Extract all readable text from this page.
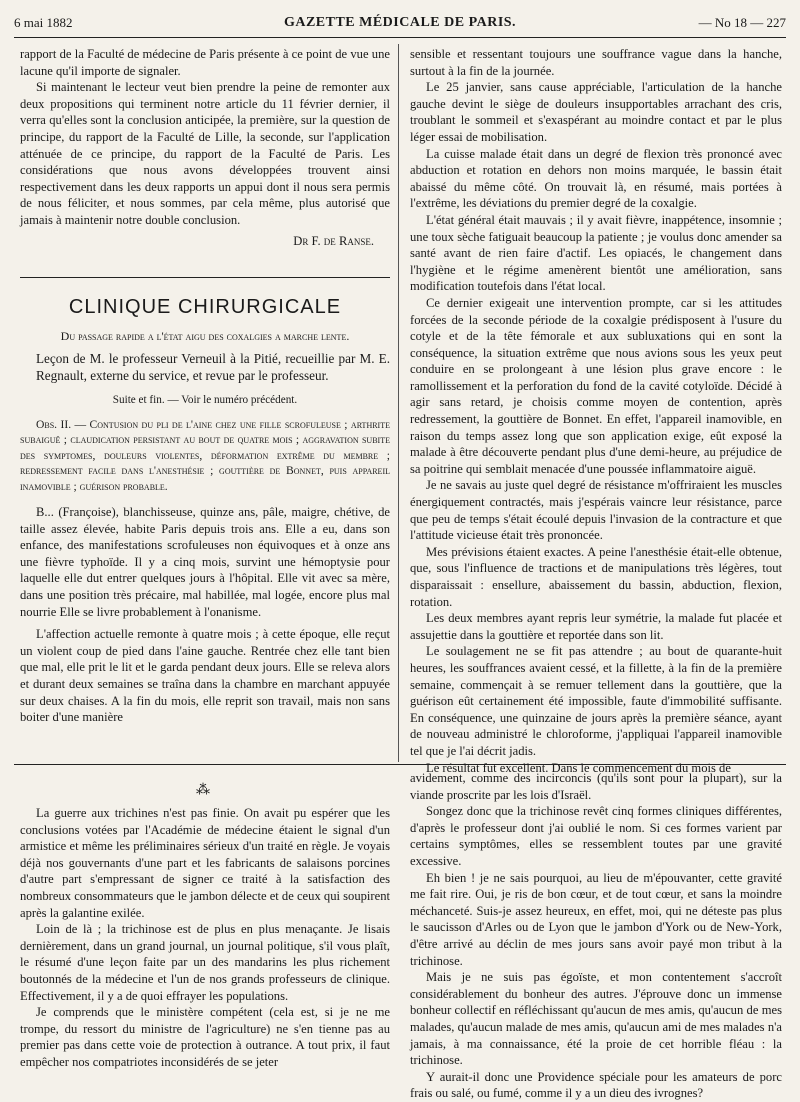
6 mai 1882	GAZETTE MÉDICALE DE PARIS.	— No 18 — 227

rapport de la Faculté de médecine de Paris présente à ce point de vue une lacune qu'il importe de signaler.

Si maintenant le lecteur veut bien prendre la peine de remonter aux deux propositions qui terminent notre article du 11 février dernier, il verra qu'elles sont la conclusion anticipée, la première, sur la question de principe, du rapport de la Faculté de Lille, la seconde, sur l'application atténuée de ce principe, du rapport de la Faculté de Paris. Les considérations que nous avons développées trouvent ainsi respectivement dans les deux rapports un appui dont il nous sera permis de nous féliciter, et nous sommes, par cela même, plus autorisé que jamais à maintenir notre double conclusion.

Dr F. de Ranse.

CLINIQUE CHIRURGICALE

Du passage rapide a l'état aigu des coxalgies a marche lente.

Leçon de M. le professeur Verneuil à la Pitié, recueillie par M. E. Regnault, externe du service, et revue par le professeur.

Suite et fin. — Voir le numéro précédent.

Obs. II. — Contusion du pli de l'aine chez une fille scrofuleuse ; arthrite subaiguë ; claudication persistant au bout de quatre mois ; aggravation subite des symptomes, douleurs violentes, déformation extrême du membre ; redressement facile dans l'anesthésie ; gouttière de Bonnet, puis appareil inamovible ; guérison probable.

B... (Françoise), blanchisseuse, quinze ans, pâle, maigre, chétive, de taille assez élevée, habite Paris depuis trois ans. Elle a eu, dans son enfance, des manifestations scrofuleuses non équivoques et à onze ans une fièvre typhoïde. Il y a cinq mois, survint une hémoptysie pour laquelle elle dut entrer quelques jours à l'hôpital. Elle vit avec sa mère, dans une position très précaire, mal habillée, mal logée, encore plus mal nourrie Elle se livre probablement à l'onanisme.

L'affection actuelle remonte à quatre mois ; à cette époque, elle reçut un violent coup de pied dans l'aine gauche. Rentrée chez elle tant bien que mal, elle prit le lit et le garda pendant deux jours. Elle se releva alors et durant deux semaines se traîna dans la chambre en marchant appuyée sur deux chaises. A la fin du mois, elle reprit son travail, mais non sans boiter d'une manière

sensible et ressentant toujours une souffrance vague dans la hanche, surtout à la fin de la journée.

Le 25 janvier, sans cause appréciable, l'articulation de la hanche gauche devint le siège de douleurs insupportables arrachant des cris, troublant le sommeil et s'exaspérant au moindre contact et par le plus léger essai de mobilisation.

La cuisse malade était dans un degré de flexion très prononcé avec abduction et rotation en dehors non moins marquée, le bassin était abaissé du même côté. On trouvait là, en résumé, mais portées à l'extrême, les déviations du premier degré de la coxalgie.

L'état général était mauvais ; il y avait fièvre, inappétence, insomnie ; une toux sèche fatiguait beaucoup la patiente ; je voulus donc amender sa santé avant de rien faire d'actif. Les opiacés, le changement dans l'hygiène et le régime amenèrent bientôt une amélioration, sans modification toutefois dans l'état local.

Ce dernier exigeait une intervention prompte, car si les attitudes forcées de la seconde période de la coxalgie prédisposent à l'usure du cotyle et de la tête fémorale et aux subluxations qui en sont la conséquence, la situation extrême que nous avions sous les yeux peut conduire en se prolongeant à une lésion plus grave encore : le ramollissement et la perforation du fond de la cavité cotyloïde. Décidé à agir sans retard, je choisis comme moyen de contention, après redressement, la gouttière de Bonnet. En effet, l'appareil inamovible, en raison du temps assez long que son application exige, eût exposé la malade à être découverte pendant plus d'une demi-heure, au préjudice de sa poitrine qui semblait menacée d'une poussée inflammatoire aiguë.

Je ne savais au juste quel degré de résistance m'offriraient les muscles énergiquement contractés, mais j'espérais vaincre leur résistance, parce que peu de temps s'était écoulé depuis l'invasion de la contracture et que l'attitude vicieuse était très prononcée.

Mes prévisions étaient exactes. A peine l'anesthésie était-elle obtenue, que, sous l'influence de tractions et de manipulations très légères, tout disparaissait : ensellure, abaissement du bassin, abduction, flexion, rotation.

Les deux membres ayant repris leur symétrie, la malade fut placée et assujettie dans la gouttière et reportée dans son lit.

Le soulagement ne se fit pas attendre ; au bout de quarante-huit heures, les souffrances avaient cessé, et la fillette, à la fin de la première semaine, commençait à se remuer tellement dans la gouttière, que la guérison eût certainement été impossible, faute d'immobilité suffisante. En conséquence, une quinzaine de jours après la première séance, ayant de nouveau administré le chloroforme, j'appliquai l'appareil inamovible tel que je l'ai décrit jadis.

Le résultat fut excellent. Dans le commencement du mois de

⁂

La guerre aux trichines n'est pas finie. On avait pu espérer que les conclusions votées par l'Académie de médecine étaient le signal d'un armistice et même les préliminaires sérieux d'un traité en règle. Je voyais déjà nos gouvernants d'une part et les fabricants de salaisons porcines d'autre part s'empressant de signer ce traité à la satisfaction des nombreux consommateurs que le jambon délecte et de ceux qui soupirent après la galantine exilée.

Loin de là ; la trichinose est de plus en plus menaçante. Je lisais dernièrement, dans un grand journal, un journal politique, s'il vous plaît, le résumé d'une leçon faite par un des mandarins les plus richement boutonnés de la médecine et l'un de nos grands professeurs de clinique. Effectivement, il y a de quoi effrayer les populations.

Je comprends que le ministère compétent (cela est, si je ne me trompe, du ressort du ministre de l'agriculture) ne s'en tienne pas au premier pas dans cette voie de protection à outrance. A tout prix, il faut empêcher nos compatriotes inconsidérés de se jeter

avidement, comme des incirconcis (qu'ils sont pour la plupart), sur la viande proscrite par les lois d'Israël.

Songez donc que la trichinose revêt cinq formes cliniques différentes, d'après le professeur dont j'ai oublié le nom. Si ces formes varient par certains symptômes, elles se ressemblent toutes par une gravité excessive.

Eh bien ! je ne sais pourquoi, au lieu de m'épouvanter, cette gravité me fait rire. Oui, je ris de bon cœur, et de tout cœur, et sans la moindre méchanceté. Suis-je assez heureux, en effet, moi, qui ne déteste pas plus le saucisson d'Arles ou de Lyon que le jambon d'York ou de New-York, d'être arrivé au déclin de mes jours sans avoir payé mon tribut à la trichinose.

Mais je ne suis pas égoïste, et mon contentement s'accroît considérablement du bonheur des autres. J'éprouve donc un immense bonheur collectif en réfléchissant qu'aucun de mes amis, qu'aucun de mes malades, qu'aucun malade de mes amis, qu'aucun ami de mes malades n'a jamais, à ma connaissance, été la proie de cet horrible fléau : la trichinose.

Y aurait-il donc une Providence spéciale pour les amateurs de porc frais ou salé, ou fumé, comme il y a un dieu des ivrognes?
